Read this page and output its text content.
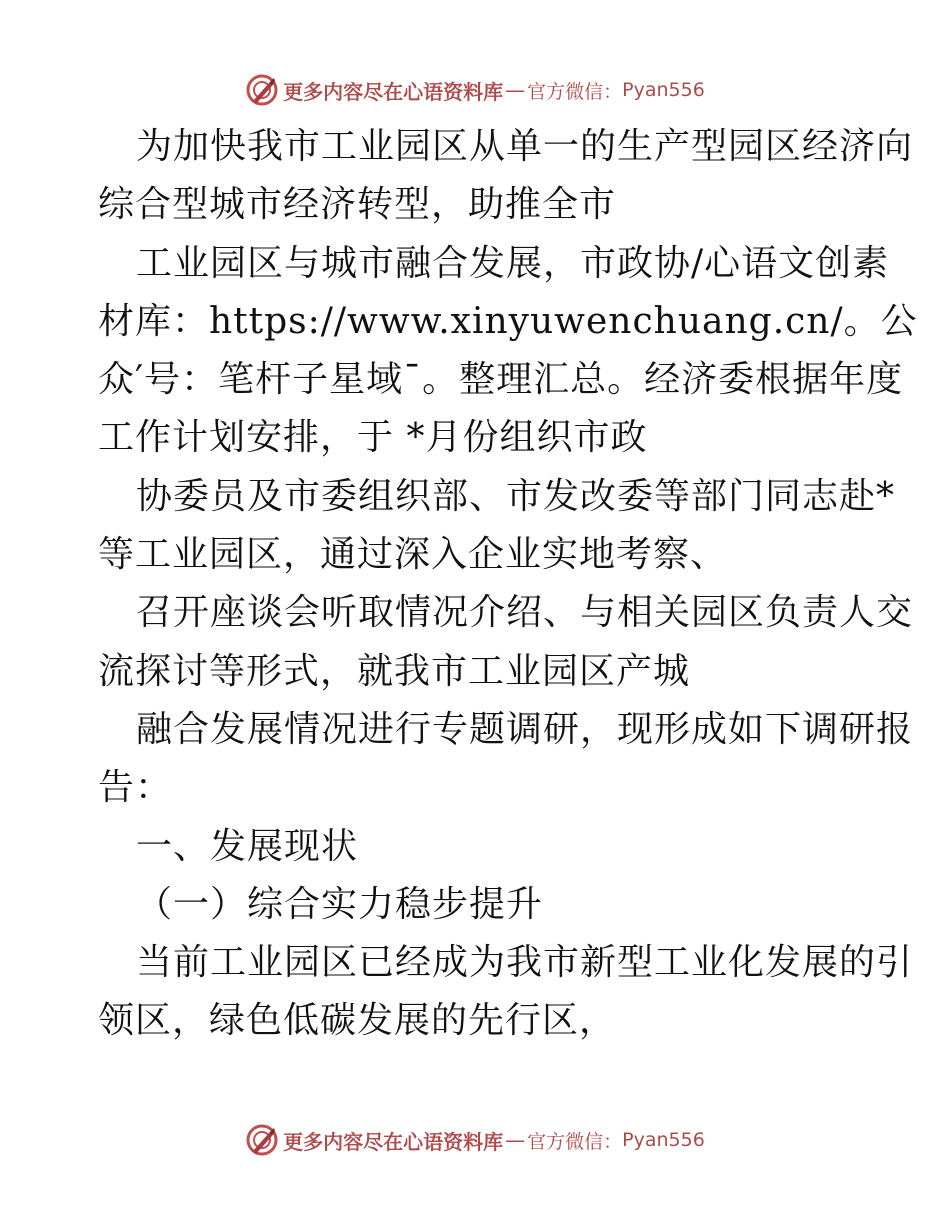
更多内容尽在心语资料库 — 官方微信： Pyan556
为加快我市工业园区从单一的生产型园区经济向
综合型城市经济转型，助推全市
工业园区与城市融合发展，市政协/心语文创素
材库：https://www.xinyuwenchuang.cn/。公
众′号：笔杆子星域¯。整理汇总。经济委根据年度
工作计划安排，于 *月份组织市政
协委员及市委组织部、市发改委等部门同志赴*
等工业园区，通过深入企业实地考察、
召开座谈会听取情况介绍、与相关园区负责人交
流探讨等形式，就我市工业园区产城
融合发展情况进行专题调研，现形成如下调研报
告：
一、发展现状
（一）综合实力稳步提升
当前工业园区已经成为我市新型工业化发展的引
领区，绿色低碳发展的先行区，
更多内容尽在心语资料库 — 官方微信： Pyan556
